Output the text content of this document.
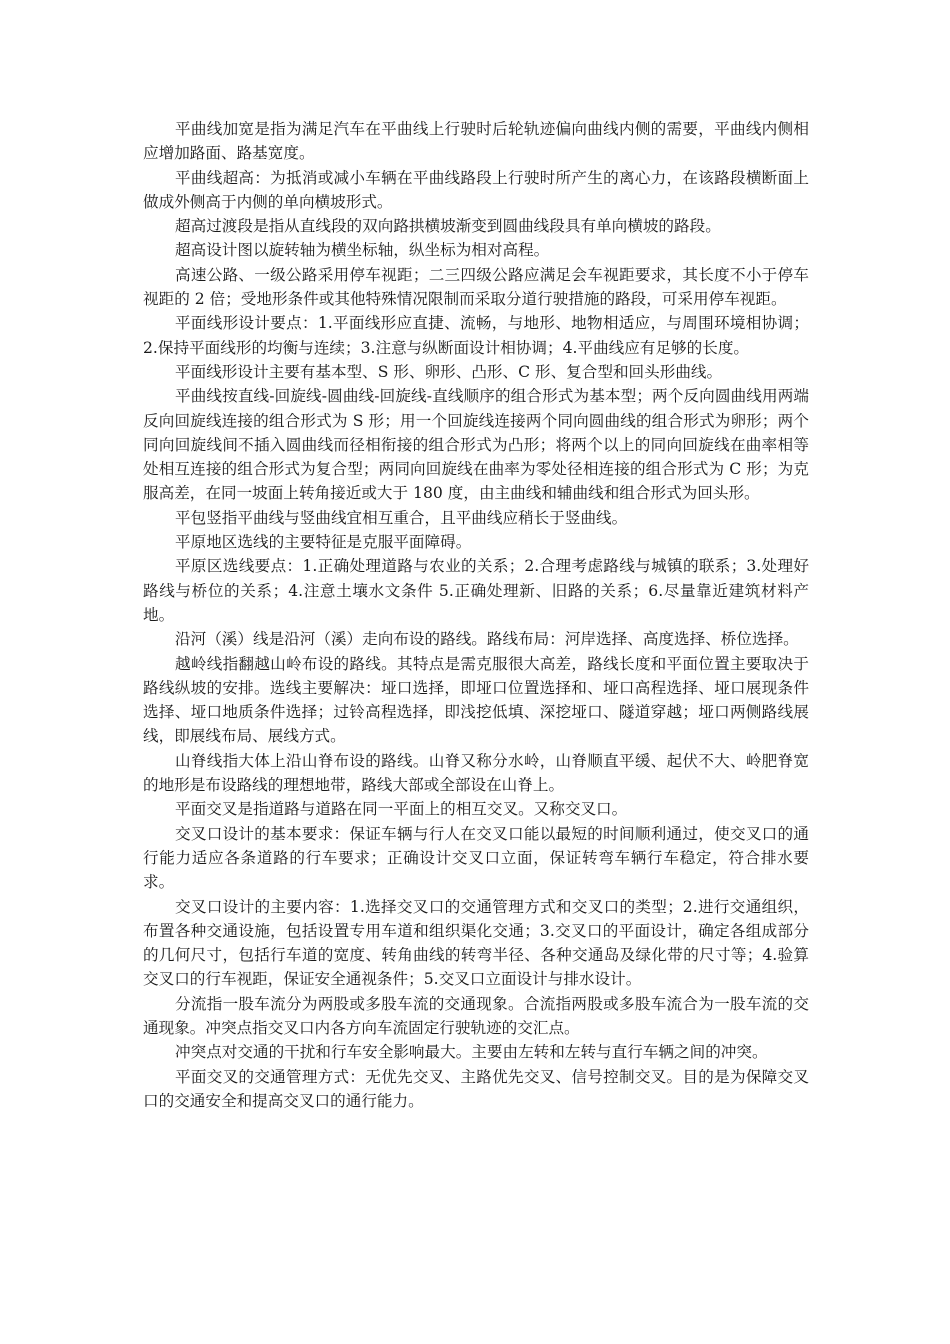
平曲线加宽是指为满足汽车在平曲线上行驶时后轮轨迹偏向曲线内侧的需要，平曲线内侧相应增加路面、路基宽度。

平曲线超高：为抵消或减小车辆在平曲线路段上行驶时所产生的离心力，在该路段横断面上做成外侧高于内侧的单向横坡形式。

超高过渡段是指从直线段的双向路拱横坡渐变到圆曲线段具有单向横坡的路段。

超高设计图以旋转轴为横坐标轴，纵坐标为相对高程。

高速公路、一级公路采用停车视距；二三四级公路应满足会车视距要求，其长度不小于停车视距的 2 倍；受地形条件或其他特殊情况限制而采取分道行驶措施的路段，可采用停车视距。

平面线形设计要点：1.平面线形应直捷、流畅，与地形、地物相适应，与周围环境相协调；2.保持平面线形的均衡与连续；3.注意与纵断面设计相协调；4.平曲线应有足够的长度。

平面线形设计主要有基本型、S 形、卵形、凸形、C 形、复合型和回头形曲线。

平曲线按直线-回旋线-圆曲线-回旋线-直线顺序的组合形式为基本型；两个反向圆曲线用两端反向回旋线连接的组合形式为 S 形；用一个回旋线连接两个同向圆曲线的组合形式为卵形；两个同向回旋线间不插入圆曲线而径相衔接的组合形式为凸形；将两个以上的同向回旋线在曲率相等处相互连接的组合形式为复合型；两同向回旋线在曲率为零处径相连接的组合形式为 C 形；为克服高差，在同一坡面上转角接近或大于 180 度，由主曲线和辅曲线和组合形式为回头形。

平包竖指平曲线与竖曲线宜相互重合，且平曲线应稍长于竖曲线。

平原地区选线的主要特征是克服平面障碍。

平原区选线要点：1.正确处理道路与农业的关系；2.合理考虑路线与城镇的联系；3.处理好路线与桥位的关系；4.注意土壤水文条件 5.正确处理新、旧路的关系；6.尽量靠近建筑材料产地。

沿河（溪）线是沿河（溪）走向布设的路线。路线布局：河岸选择、高度选择、桥位选择。

越岭线指翻越山岭布设的路线。其特点是需克服很大高差，路线长度和平面位置主要取决于路线纵坡的安排。选线主要解决：垭口选择，即垭口位置选择和、垭口高程选择、垭口展现条件选择、垭口地质条件选择；过铃高程选择，即浅挖低填、深挖垭口、隧道穿越；垭口两侧路线展线，即展线布局、展线方式。

山脊线指大体上沿山脊布设的路线。山脊又称分水岭，山脊顺直平缓、起伏不大、岭肥脊宽的地形是布设路线的理想地带，路线大部或全部设在山脊上。

平面交叉是指道路与道路在同一平面上的相互交叉。又称交叉口。

交叉口设计的基本要求：保证车辆与行人在交叉口能以最短的时间顺利通过，使交叉口的通行能力适应各条道路的行车要求；正确设计交叉口立面，保证转弯车辆行车稳定，符合排水要求。

交叉口设计的主要内容：1.选择交叉口的交通管理方式和交叉口的类型；2.进行交通组织，布置各种交通设施，包括设置专用车道和组织渠化交通；3.交叉口的平面设计，确定各组成部分的几何尺寸，包括行车道的宽度、转角曲线的转弯半径、各种交通岛及绿化带的尺寸等；4.验算交叉口的行车视距，保证安全通视条件；5.交叉口立面设计与排水设计。

分流指一股车流分为两股或多股车流的交通现象。合流指两股或多股车流合为一股车流的交通现象。冲突点指交叉口内各方向车流固定行驶轨迹的交汇点。

冲突点对交通的干扰和行车安全影响最大。主要由左转和左转与直行车辆之间的冲突。

平面交叉的交通管理方式：无优先交叉、主路优先交叉、信号控制交叉。目的是为保障交叉口的交通安全和提高交叉口的通行能力。
